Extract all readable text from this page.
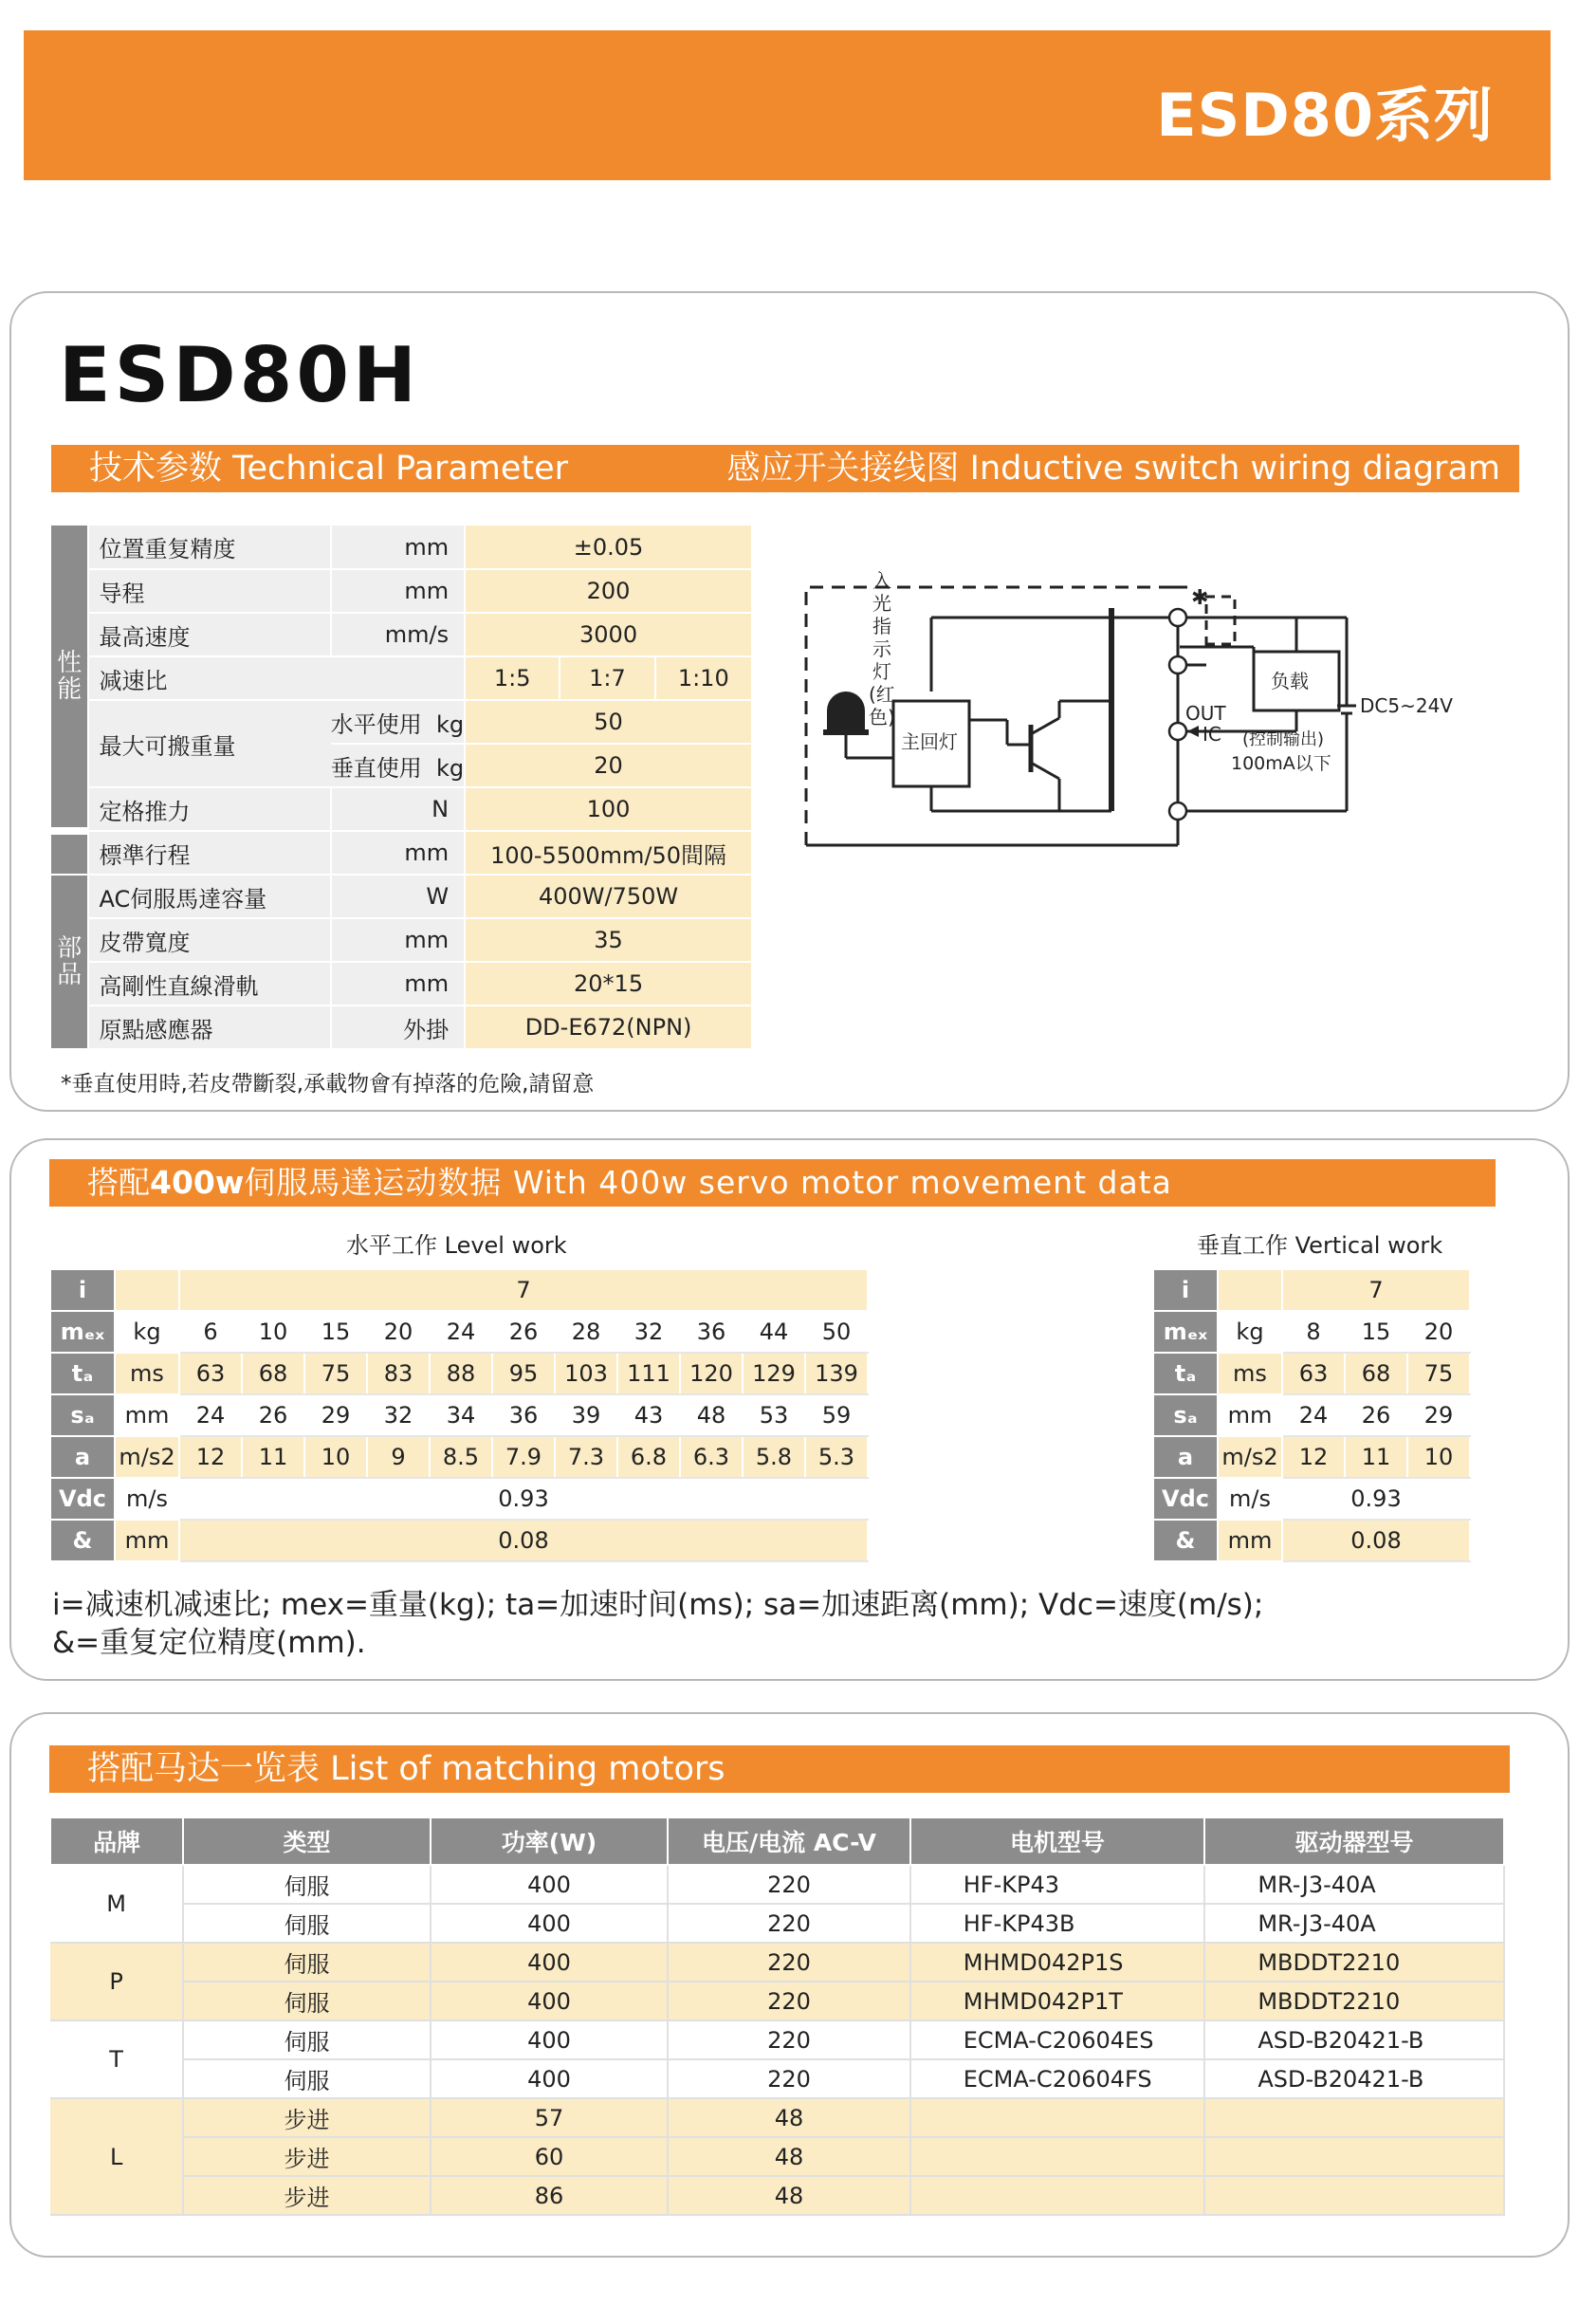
ESD80系列
ESD80H
技术参数 Technical Parameter	感应开关接线图 Inductive switch wiring diagram
性
能	位置重复精度	mm	±0.05		
	导程	mm	200		
	最高速度	mm/s	3000		
	减速比		1:5	1:7	1:10
	最大可搬重量	水平使用 kg	50		
		垂直使用 kg	20		
	定格推力	N	100		
	標準行程	mm	100-5500mm/50間隔		

部
品	AC伺服馬達容量	W	400W/750W		
	皮帶寬度	mm	35		
	高剛性直線滑軌	mm	20*15		
	原點感應器	外掛	DD-E672(NPN)		
*垂直使用時,若皮帶斷裂,承載物會有掉落的危險,請留意
主回灯
负载
OUT
IC (控制输出)
100mA以下
DC5~24V
✱
入
光
指
示
灯
(红
色)
搭配400w伺服馬達运动数据 With 400w servo motor movement data
水平工作 Level work	垂直工作 Vertical work
i		7										
mₑₓ	kg	6	10	15	20	24	26	28	32	36	44	50
tₐ	ms	63	68	75	83	88	95	103	111	120	129	139
sₐ	mm	24	26	29	32	34	36	39	43	48	53	59
a	m/s2	12	11	10	9	8.5	7.9	7.3	6.8	6.3	5.8	5.3
Vdc	m/s	0.93										
&	mm	0.08										
i		7		
mₑₓ	kg	8	15	20
tₐ	ms	63	68	75
sₐ	mm	24	26	29
a	m/s2	12	11	10
Vdc	m/s	0.93		
&	mm	0.08		
i=减速机减速比; mex=重量(kg); ta=加速时间(ms); sa=加速距离(mm); Vdc=速度(m/s);
&=重复定位精度(mm).
搭配马达一览表 List of matching motors
品牌	类型	功率(W)	电压/电流 AC-V	电机型号	驱动器型号
M	伺服	400	220	HF-KP43	MR-J3-40A
	伺服	400	220	HF-KP43B	MR-J3-40A
P	伺服	400	220	MHMD042P1S	MBDDT2210
	伺服	400	220	MHMD042P1T	MBDDT2210
T	伺服	400	220	ECMA-C20604ES	ASD-B20421-B
	伺服	400	220	ECMA-C20604FS	ASD-B20421-B
L	步进	57	48		
	步进	60	48		
	步进	86	48		
